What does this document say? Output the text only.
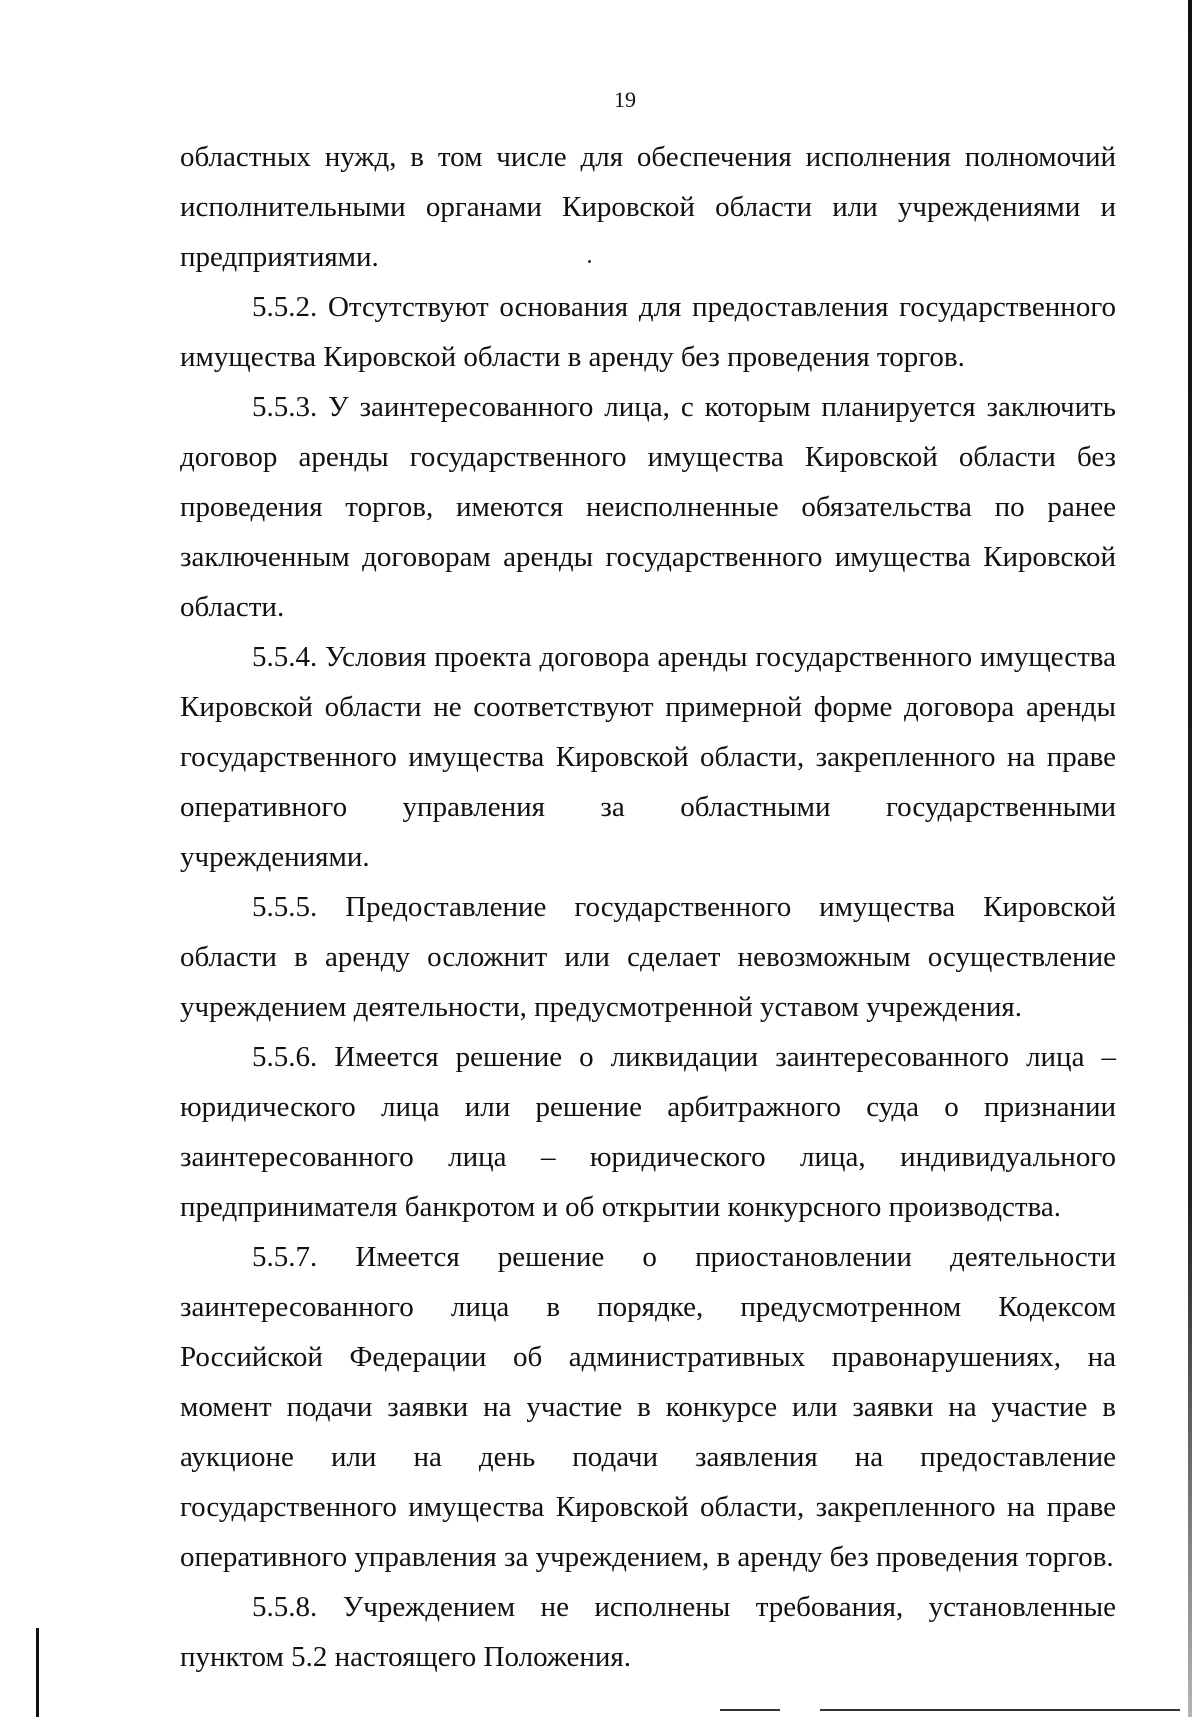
19

областных нужд, в том числе для обеспечения исполнения полномочий исполнительными органами Кировской области или учреждениями и предприятиями.

5.5.2. Отсутствуют основания для предоставления государственного имущества Кировской области в аренду без проведения торгов.

5.5.3. У заинтересованного лица, с которым планируется заключить договор аренды государственного имущества Кировской области без проведения торгов, имеются неисполненные обязательства по ранее заключенным договорам аренды государственного имущества Кировской области.

5.5.4. Условия проекта договора аренды государственного имущества Кировской области не соответствуют примерной форме договора аренды государственного имущества Кировской области, закрепленного на праве оперативного управления за областными государственными учреждениями.

5.5.5. Предоставление государственного имущества Кировской области в аренду осложнит или сделает невозможным осуществление учреждением деятельности, предусмотренной уставом учреждения.

5.5.6. Имеется решение о ликвидации заинтересованного лица – юридического лица или решение арбитражного суда о признании заинтересованного лица – юридического лица, индивидуального предпринимателя банкротом и об открытии конкурсного производства.

5.5.7. Имеется решение о приостановлении деятельности заинтересованного лица в порядке, предусмотренном Кодексом Российской Федерации об административных правонарушениях, на момент подачи заявки на участие в конкурсе или заявки на участие в аукционе или на день подачи заявления на предоставление государственного имущества Кировской области, закрепленного на праве оперативного управления за учреждением, в аренду без проведения торгов.

5.5.8. Учреждением не исполнены требования, установленные пунктом 5.2 настоящего Положения.
